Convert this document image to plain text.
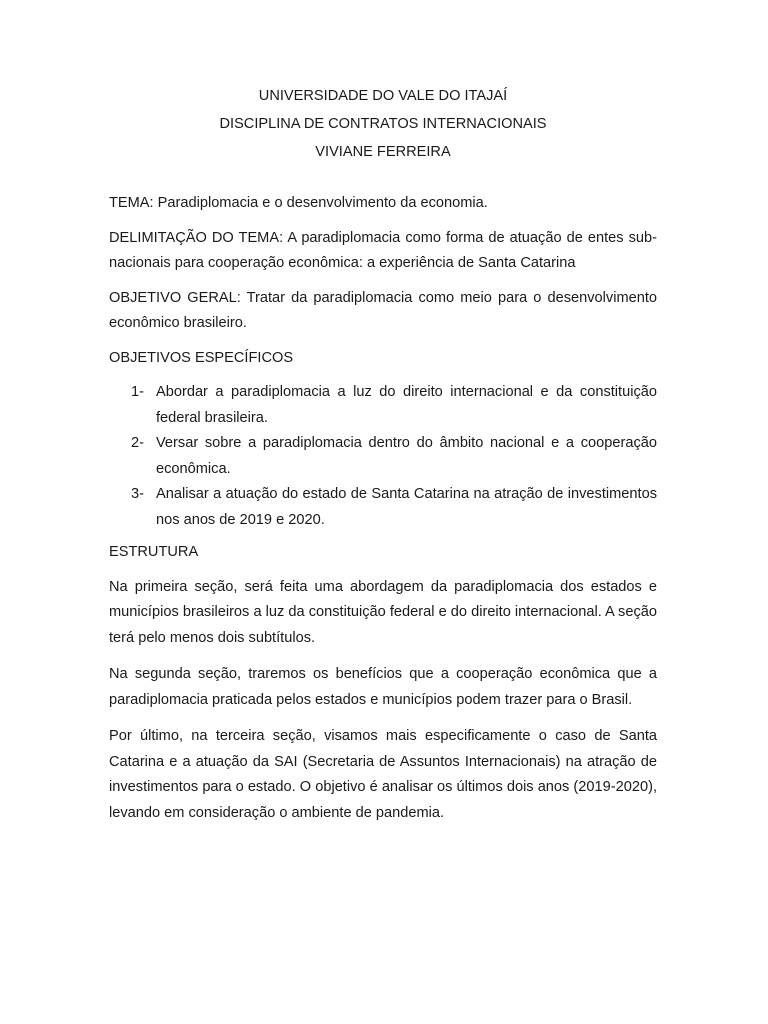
UNIVERSIDADE DO VALE DO ITAJAÍ
DISCIPLINA DE CONTRATOS INTERNACIONAIS
VIVIANE FERREIRA

TEMA: Paradiplomacia e o desenvolvimento da economia.

DELIMITAÇÃO DO TEMA: A paradiplomacia como forma de atuação de entes sub-nacionais para cooperação econômica: a experiência de Santa Catarina

OBJETIVO GERAL: Tratar da paradiplomacia como meio para o desenvolvimento econômico brasileiro.

OBJETIVOS ESPECÍFICOS

1- Abordar a paradiplomacia a luz do direito internacional e da constituição federal brasileira.
2- Versar sobre a paradiplomacia dentro do âmbito nacional e a cooperação econômica.
3- Analisar a atuação do estado de Santa Catarina na atração de investimentos nos anos de 2019 e 2020.

ESTRUTURA

Na primeira seção, será feita uma abordagem da paradiplomacia dos estados e municípios brasileiros a luz da constituição federal e do direito internacional. A seção terá pelo menos dois subtítulos.

Na segunda seção, traremos os benefícios que a cooperação econômica que a paradiplomacia praticada pelos estados e municípios podem trazer para o Brasil.

Por último, na terceira seção, visamos mais especificamente o caso de Santa Catarina e a atuação da SAI (Secretaria de Assuntos Internacionais) na atração de investimentos para o estado. O objetivo é analisar os últimos dois anos (2019-2020), levando em consideração o ambiente de pandemia.
